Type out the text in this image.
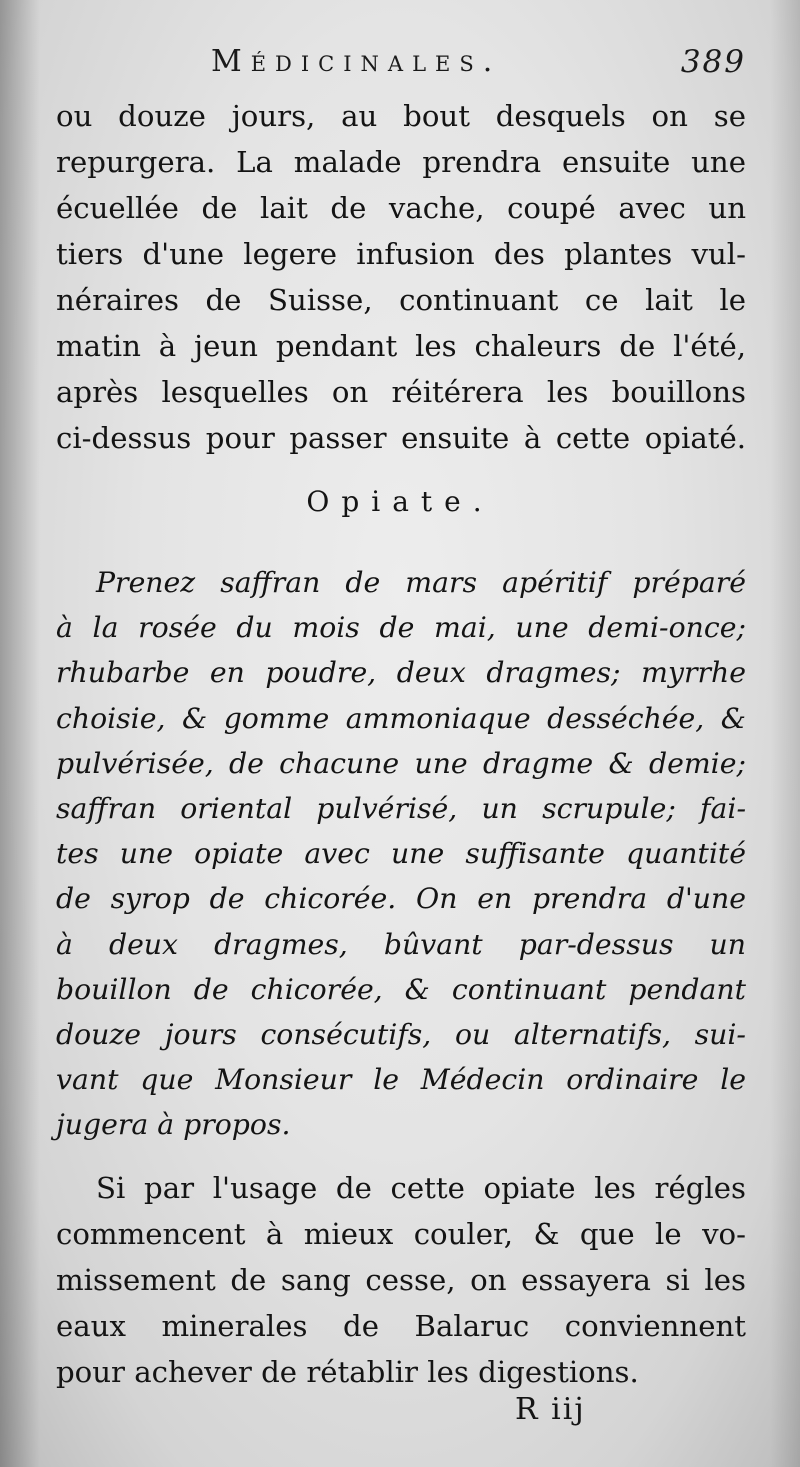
Médicinales.	389
ou douze jours, au bout desquels on se
repurgera. La malade prendra ensuite une
écuellée de lait de vache, coupé avec un
tiers d'une legere infusion des plantes vul-
néraires de Suisse, continuant ce lait le
matin à jeun pendant les chaleurs de l'été,
après lesquelles on réitérera les bouillons
ci-dessus pour passer ensuite à cette opiaté.
Opiate.
Prenez saffran de mars apéritif préparé
à la rosée du mois de mai, une demi-once;
rhubarbe en poudre, deux dragmes; myrrhe
choisie, & gomme ammoniaque desséchée, &
pulvérisée, de chacune une dragme & demie;
saffran oriental pulvérisé, un scrupule; fai-
tes une opiate avec une suffisante quantité
de syrop de chicorée. On en prendra d'une
à deux dragmes, bûvant par-dessus un
bouillon de chicorée, & continuant pendant
douze jours consécutifs, ou alternatifs, sui-
vant que Monsieur le Médecin ordinaire le
jugera à propos.
Si par l'usage de cette opiate les régles
commencent à mieux couler, & que le vo-
missement de sang cesse, on essayera si les
eaux minerales de Balaruc conviennent
pour achever de rétablir les digestions.
R iij
